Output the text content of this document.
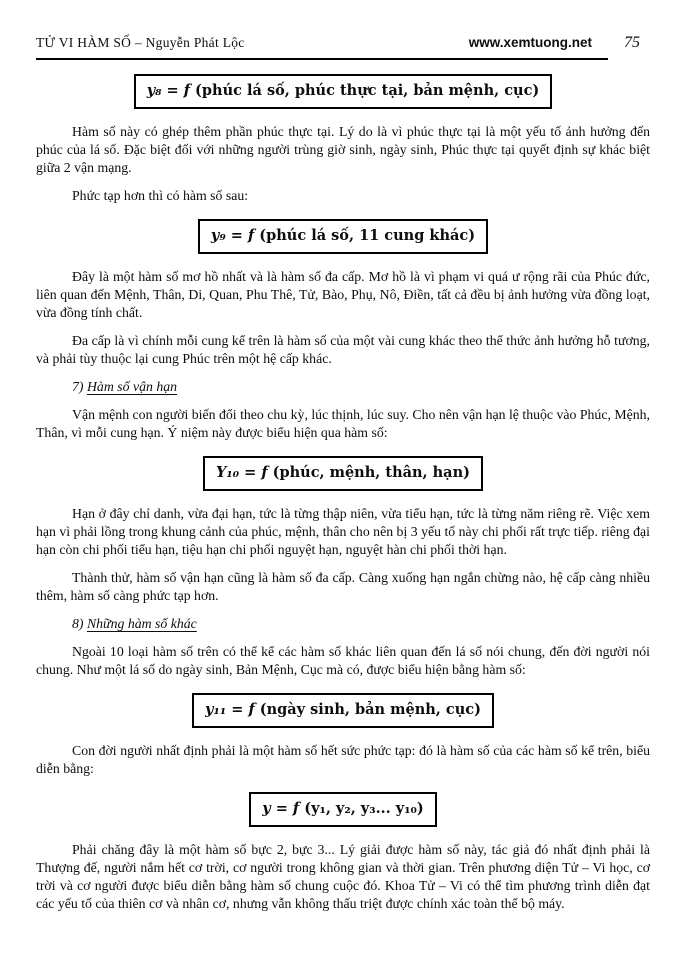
TỬ VI HÀM SỐ – Nguyễn Phát Lộc	www.xemtuong.net 75
y₈ = f (phúc lá số, phúc thực tại, bản mệnh, cục)

Hàm số này có ghép thêm phần phúc thực tại. Lý do là vì phúc thực tại là một yếu tố ảnh hưởng đến phúc của lá số. Đặc biệt đối với những người trùng giờ sinh, ngày sinh, Phúc thực tại quyết định sự khác biệt giữa 2 vận mạng.

Phức tạp hơn thì có hàm số sau:

y₉ = f (phúc lá số, 11 cung khác)

Đây là một hàm số mơ hồ nhất và là hàm số đa cấp. Mơ hồ là vì phạm vi quá ư rộng rãi của Phúc đức, liên quan đến Mệnh, Thân, Di, Quan, Phu Thê, Tử, Bào, Phụ, Nô, Điền, tất cả đều bị ảnh hưởng vừa đồng loạt, vừa đồng tính chất.

Đa cấp là vì chính mỗi cung kể trên là hàm số của một vài cung khác theo thể thức ảnh hưởng hỗ tương, và phải tùy thuộc lại cung Phúc trên một hệ cấp khác.

7) Hàm số vận hạn

Vận mệnh con người biến đổi theo chu kỳ, lúc thịnh, lúc suy. Cho nên vận hạn lệ thuộc vào Phúc, Mệnh, Thân, vì mỗi cung hạn. Ý niệm này được biểu hiện qua hàm số:

Y₁₀ = f (phúc, mệnh, thân, hạn)

Hạn ở đây chỉ danh, vừa đại hạn, tức là từng thập niên, vừa tiểu hạn, tức là từng năm riêng rẽ. Việc xem hạn vì phải lồng trong khung cảnh của phúc, mệnh, thân cho nên bị 3 yếu tố này chi phối rất trực tiếp. riêng đại hạn còn chi phối tiểu hạn, tiệu hạn chi phối nguyệt hạn, nguyệt hàn chi phối thời hạn.

Thành thử, hàm số vận hạn cũng là hàm số đa cấp. Càng xuống hạn ngắn chừng nào, hệ cấp càng nhiều thêm, hàm số càng phức tạp hơn.

8) Những hàm số khác

Ngoài 10 loại hàm số trên có thể kể các hàm số khác liên quan đến lá số nói chung, đến đời người nói chung. Như một lá số do ngày sinh, Bản Mệnh, Cục mà có, được biểu hiện bằng hàm số:

y₁₁ = f (ngày sinh, bản mệnh, cục)

Con đời người nhất định phải là một hàm số hết sức phức tạp: đó là hàm số của các hàm số kể trên, biểu diễn bằng:

y = f (y₁, y₂, y₃... y₁₀)

Phải chăng đây là một hàm số bực 2, bực 3... Lý giải được hàm số này, tác giả đó nhất định phải là Thượng đế, người nắm hết cơ trời, cơ người trong không gian và thời gian. Trên phương diện Tử – Vi học, cơ trời và cơ người được biểu diễn bằng hàm số chung cuộc đó. Khoa Tử – Vi có thể tìm phương trình diễn đạt các yếu tố của thiên cơ và nhân cơ, nhưng vẫn không thấu triệt được chính xác toàn thể bộ máy.
